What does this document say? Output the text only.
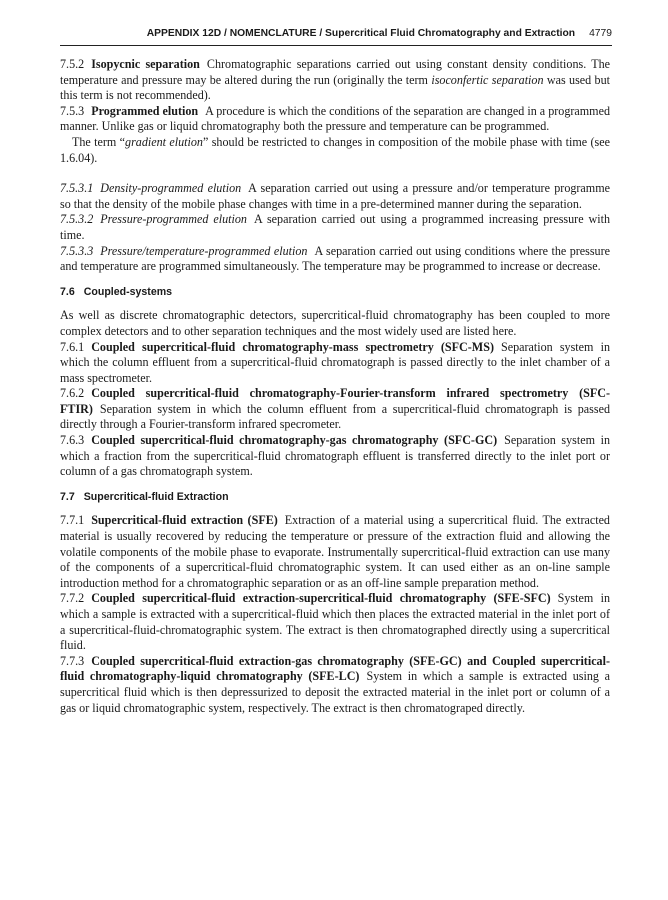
APPENDIX 12D / NOMENCLATURE / Supercritical Fluid Chromatography and Extraction 4779

7.5.2 Isopycnic separation Chromatographic separations carried out using constant density conditions. The temperature and pressure may be altered during the run (originally the term isoconfertic separation was used but this term is not recommended).

7.5.3 Programmed elution A procedure is which the conditions of the separation are changed in a programmed manner. Unlike gas or liquid chromatography both the pressure and temperature can be programmed.

The term “gradient elution” should be restricted to changes in composition of the mobile phase with time (see 1.6.04).

7.5.3.1 Density-programmed elution A separation carried out using a pressure and/or temperature programme so that the density of the mobile phase changes with time in a pre-determined manner during the separation.

7.5.3.2 Pressure-programmed elution A separation carried out using a programmed increasing pressure with time.

7.5.3.3 Pressure/temperature-programmed elution A separation carried out using conditions where the pressure and temperature are programmed simultaneously. The temperature may be programmed to increase or decrease.

7.6 Coupled-systems

As well as discrete chromatographic detectors, supercritical-fluid chromatography has been coupled to more complex detectors and to other separation techniques and the most widely used are listed here.

7.6.1 Coupled supercritical-fluid chromatography-mass spectrometry (SFC-MS) Separation system in which the column effluent from a supercritical-fluid chromatograph is passed directly to the inlet chamber of a mass spectrometer.

7.6.2 Coupled supercritical-fluid chromatography-Fourier-transform infrared spectrometry (SFC-FTIR) Separation system in which the column effluent from a supercritical-fluid chromatograph is passed directly through a Fourier-transform infrared specrometer.

7.6.3 Coupled supercritical-fluid chromatography-gas chromatography (SFC-GC) Separation system in which a fraction from the supercritical-fluid chromatograph effluent is transferred directly to the inlet port or column of a gas chromatograph system.

7.7 Supercritical-fluid Extraction

7.7.1 Supercritical-fluid extraction (SFE) Extraction of a material using a supercritical fluid. The extracted material is usually recovered by reducing the temperature or pressure of the extraction fluid and allowing the volatile components of the mobile phase to evaporate. Instrumentally supercritical-fluid extraction can use many of the components of a supercritical-fluid chromatographic system. It can used either as an on-line sample introduction method for a chromatographic separation or as an off-line sample preparation method.

7.7.2 Coupled supercritical-fluid extraction-supercritical-fluid chromatography (SFE-SFC) System in which a sample is extracted with a supercritical-fluid which then places the extracted material in the inlet port of a supercritical-fluid-chromatographic system. The extract is then chromatographed directly using a supercritical fluid.

7.7.3 Coupled supercritical-fluid extraction-gas chromatography (SFE-GC) and Coupled supercritical-fluid chromatography-liquid chromatography (SFE-LC) System in which a sample is extracted using a supercritical fluid which is then depressurized to deposit the extracted material in the inlet port or column of a gas or liquid chromatographic system, respectively. The extract is then chromatograped directly.
